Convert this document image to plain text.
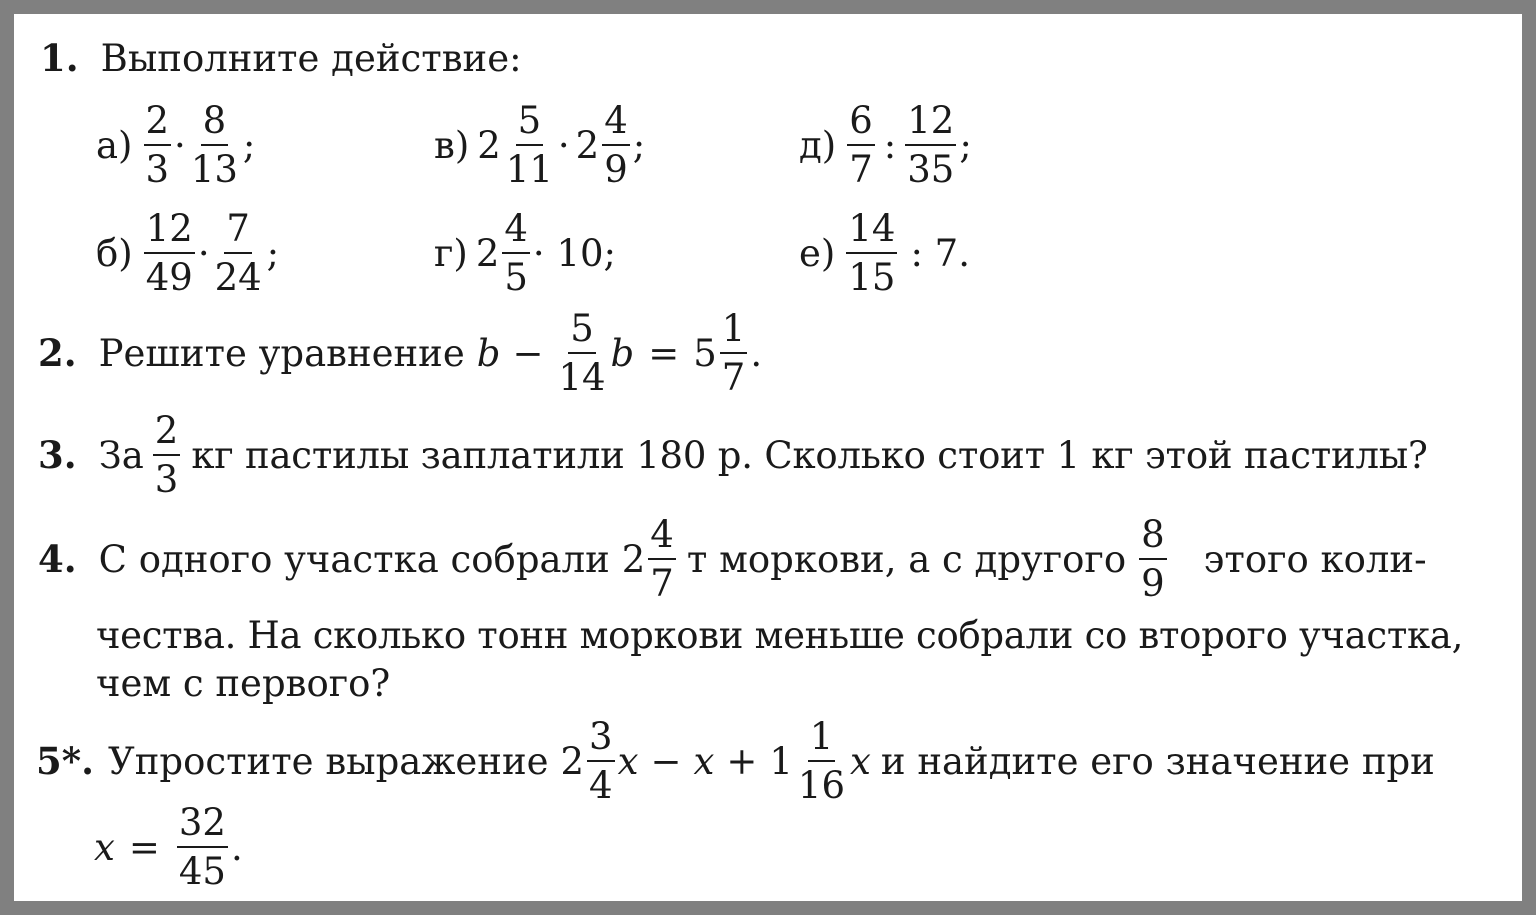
1. Выполните действие:
$а) \frac{2}{3} \cdot \frac{8}{13}$ ;	в) $2 \frac{5}{11} \cdot 2 \frac{4}{9}$ ;	$д) \frac{6}{7}$ : $\frac{12}{35}$ ;
$б) \frac{12}{49} \cdot \frac{7}{24}$ ;	г) $2 \frac{4}{5} \cdot 10$;	$е) \frac{14}{15}$ : 7.
2. Решите уравнение $b - \frac{5}{14}$ $b = 5 \frac{1}{7}$ .
3. За $\frac{2}{3}$ кг пастилы заплатили 180 р. Сколько стоит 1 кг этой пастилы?
4. С одного участка собрали $2 \frac{4}{7}$ т моркови, а с другого $\frac{8}{9}$ этого коли-
чества. На сколько тонн моркови меньше собрали со второго участка,
чем с первого?
5*. Упростите выражение $2 \frac{3}{4}$ $x - x + 1 \frac{1}{16}$ x и найдите его значение при
$x = \frac{32}{45}$ .
